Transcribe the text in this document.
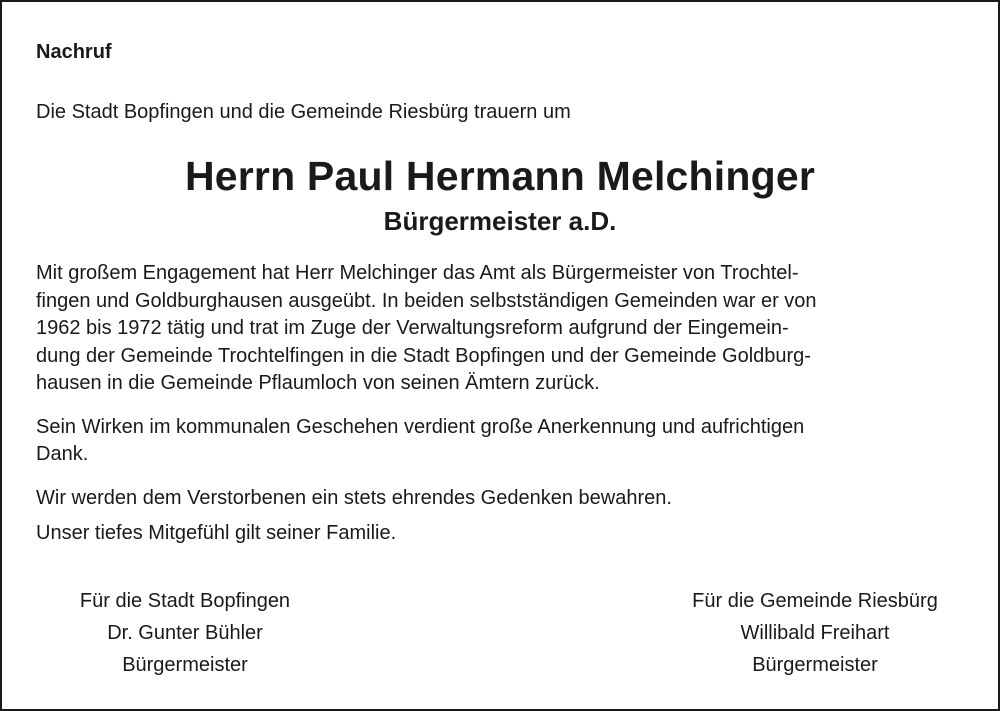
Nachruf
Die Stadt Bopfingen und die Gemeinde Riesbürg trauern um
Herrn Paul Hermann Melchinger
Bürgermeister a.D.

Mit großem Engagement hat Herr Melchinger das Amt als Bürgermeister von Trochtel-
fingen und Goldburghausen ausgeübt. In beiden selbstständigen Gemeinden war er von
1962 bis 1972 tätig und trat im Zuge der Verwaltungsreform aufgrund der Eingemein-
dung der Gemeinde Trochtelfingen in die Stadt Bopfingen und der Gemeinde Goldburg-
hausen in die Gemeinde Pflaumloch von seinen Ämtern zurück.

Sein Wirken im kommunalen Geschehen verdient große Anerkennung und aufrichtigen
Dank.

Wir werden dem Verstorbenen ein stets ehrendes Gedenken bewahren.

Unser tiefes Mitgefühl gilt seiner Familie.

Für die Stadt Bopfingen
Dr. Gunter Bühler
Bürgermeister
Für die Gemeinde Riesbürg
Willibald Freihart
Bürgermeister
